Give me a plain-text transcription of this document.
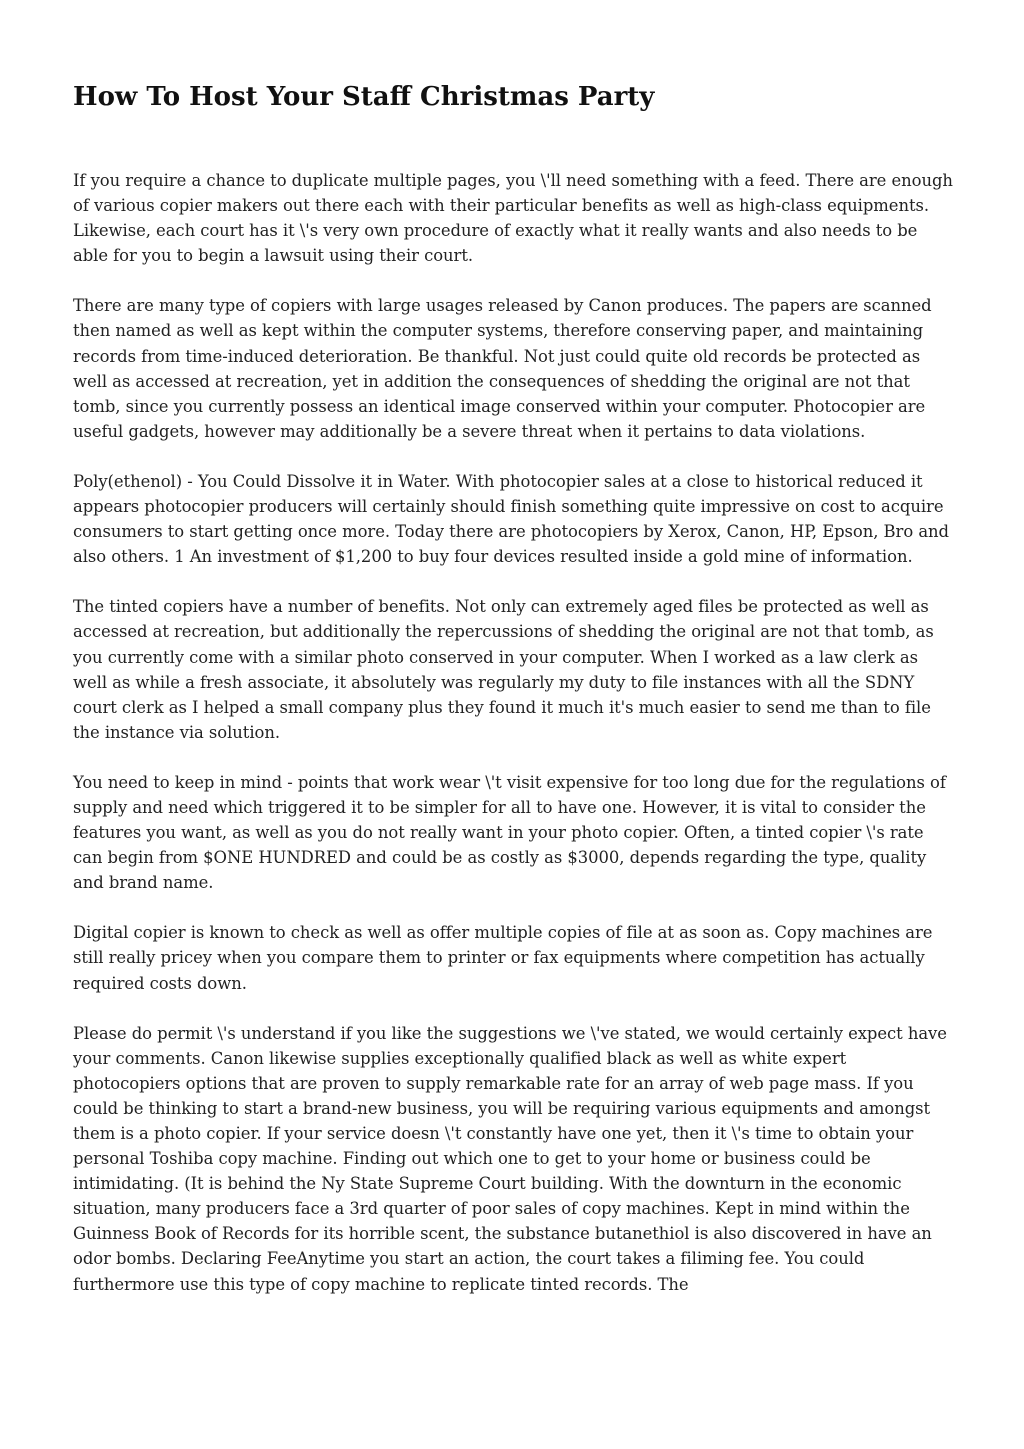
How To Host Your Staff Christmas Party

If you require a chance to duplicate multiple pages, you \'ll need something with a feed. There are enough of various copier makers out there each with their particular benefits as well as high-class equipments. Likewise, each court has it \'s very own procedure of exactly what it really wants and also needs to be able for you to begin a lawsuit using their court.

There are many type of copiers with large usages released by Canon produces. The papers are scanned then named as well as kept within the computer systems, therefore conserving paper, and maintaining records from time-induced deterioration. Be thankful. Not just could quite old records be protected as well as accessed at recreation, yet in addition the consequences of shedding the original are not that tomb, since you currently possess an identical image conserved within your computer. Photocopier are useful gadgets, however may additionally be a severe threat when it pertains to data violations.

Poly(ethenol) - You Could Dissolve it in Water. With photocopier sales at a close to historical reduced it appears photocopier producers will certainly should finish something quite impressive on cost to acquire consumers to start getting once more. Today there are photocopiers by Xerox, Canon, HP, Epson, Bro and also others. 1 An investment of $1,200 to buy four devices resulted inside a gold mine of information.

The tinted copiers have a number of benefits. Not only can extremely aged files be protected as well as accessed at recreation, but additionally the repercussions of shedding the original are not that tomb, as you currently come with a similar photo conserved in your computer. When I worked as a law clerk as well as while a fresh associate, it absolutely was regularly my duty to file instances with all the SDNY court clerk as I helped a small company plus they found it much it's much easier to send me than to file the instance via solution.

You need to keep in mind - points that work wear \'t visit expensive for too long due for the regulations of supply and need which triggered it to be simpler for all to have one. However, it is vital to consider the features you want, as well as you do not really want in your photo copier. Often, a tinted copier \'s rate can begin from $ONE HUNDRED and could be as costly as $3000, depends regarding the type, quality and brand name.

Digital copier is known to check as well as offer multiple copies of file at as soon as. Copy machines are still really pricey when you compare them to printer or fax equipments where competition has actually required costs down.

Please do permit \'s understand if you like the suggestions we \'ve stated, we would certainly expect have your comments. Canon likewise supplies exceptionally qualified black as well as white expert photocopiers options that are proven to supply remarkable rate for an array of web page mass. If you could be thinking to start a brand-new business, you will be requiring various equipments and amongst them is a photo copier. If your service doesn \'t constantly have one yet, then it \'s time to obtain your personal Toshiba copy machine. Finding out which one to get to your home or business could be intimidating. (It is behind the Ny State Supreme Court building. With the downturn in the economic situation, many producers face a 3rd quarter of poor sales of copy machines. Kept in mind within the Guinness Book of Records for its horrible scent, the substance butanethiol is also discovered in have an odor bombs. Declaring FeeAnytime you start an action, the court takes a filiming fee. You could furthermore use this type of copy machine to replicate tinted records. The
